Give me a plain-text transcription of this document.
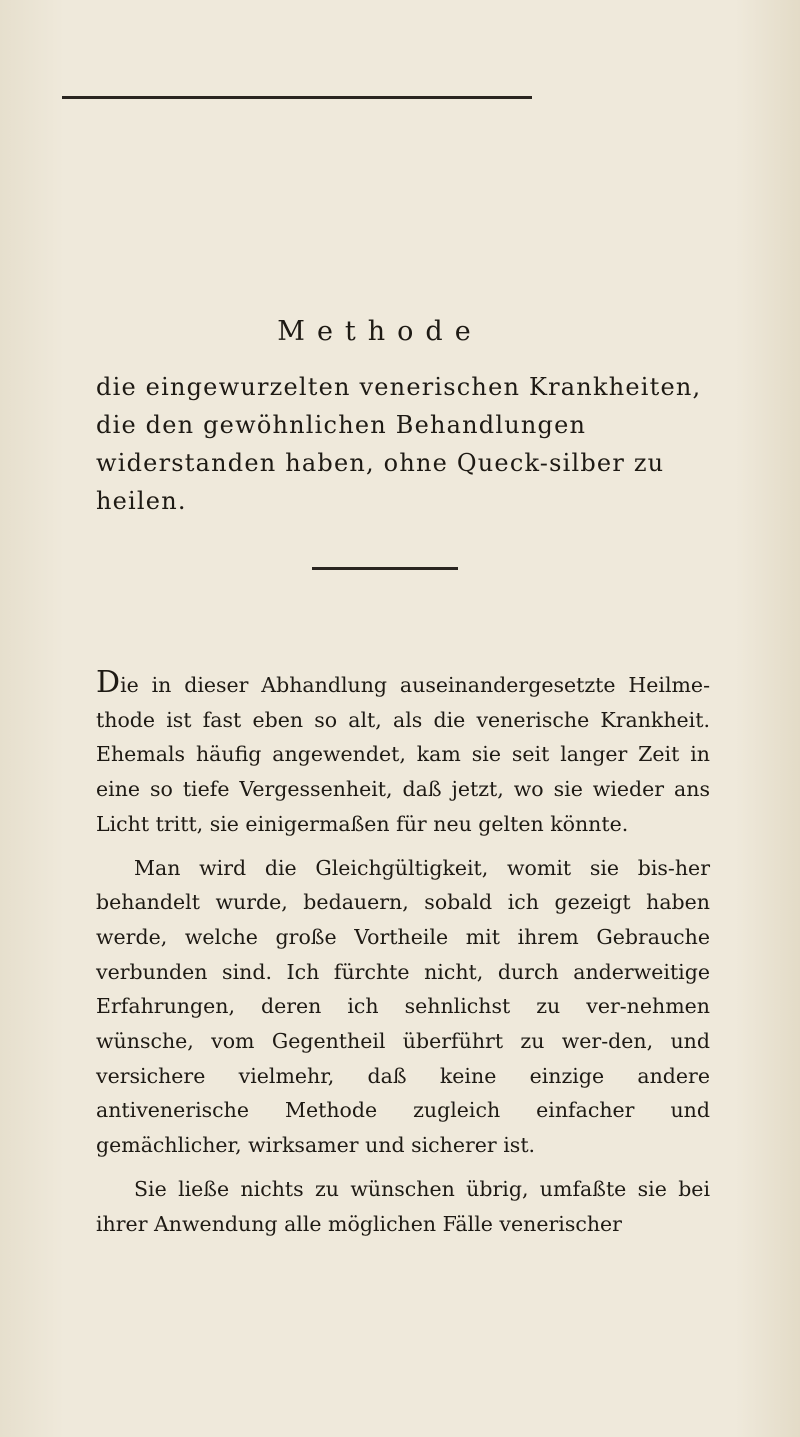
Methode
die eingewurzelten venerischen Krankheiten, die den gewöhnlichen Behandlungen widerstanden haben, ohne Queck-silber zu heilen.

Die in dieser Abhandlung auseinandergesetzte Heilme-thode ist fast eben so alt, als die venerische Krankheit. Ehemals häufig angewendet, kam sie seit langer Zeit in eine so tiefe Vergessenheit, daß jetzt, wo sie wieder ans Licht tritt, sie einigermaßen für neu gelten könnte.

Man wird die Gleichgültigkeit, womit sie bis-her behandelt wurde, bedauern, sobald ich gezeigt haben werde, welche große Vortheile mit ihrem Gebrauche verbunden sind. Ich fürchte nicht, durch anderweitige Erfahrungen, deren ich sehnlichst zu ver-nehmen wünsche, vom Gegentheil überführt zu wer-den, und versichere vielmehr, daß keine einzige andere antivenerische Methode zugleich einfacher und gemächlicher, wirksamer und sicherer ist.

Sie ließe nichts zu wünschen übrig, umfaßte sie bei ihrer Anwendung alle möglichen Fälle venerischer
